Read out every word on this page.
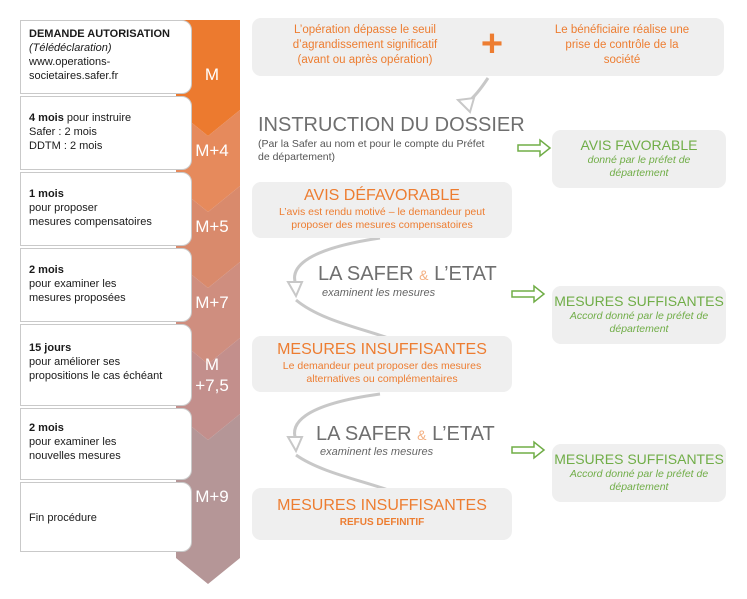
M
M+4
M+5
M+7
M
+7,5
M+9
DEMANDE AUTORISATION
(Télédéclaration)
www.operations-
societaires.safer.fr
4 mois pour instruire
Safer : 2 mois
DDTM : 2 mois
1 mois
pour proposer
mesures compensatoires
2 mois
pour examiner les
mesures proposées
15 jours
pour améliorer ses
propositions le cas échéant
2 mois
pour examiner les
nouvelles mesures
Fin procédure
L’opération dépasse le seuil
d’agrandissement significatif
(avant ou après opération)	+	Le bénéficiaire réalise une
prise de contrôle de la
société
INSTRUCTION DU DOSSIER
(Par la Safer au nom et pour le compte du Préfet
de département)
AVIS FAVORABLE
donné par le préfet de
département
AVIS DÉFAVORABLE
L’avis est rendu motivé – le demandeur peut
proposer des mesures compensatoires
LA SAFER & L’ETAT
examinent les mesures	MESURES SUFFISANTES
Accord donné par le préfet de
département
MESURES INSUFFISANTES
Le demandeur peut proposer des mesures
alternatives ou complémentaires
LA SAFER & L’ETAT
examinent les mesures	MESURES SUFFISANTES
Accord donné par le préfet de
département
MESURES INSUFFISANTES
REFUS DEFINITIF
